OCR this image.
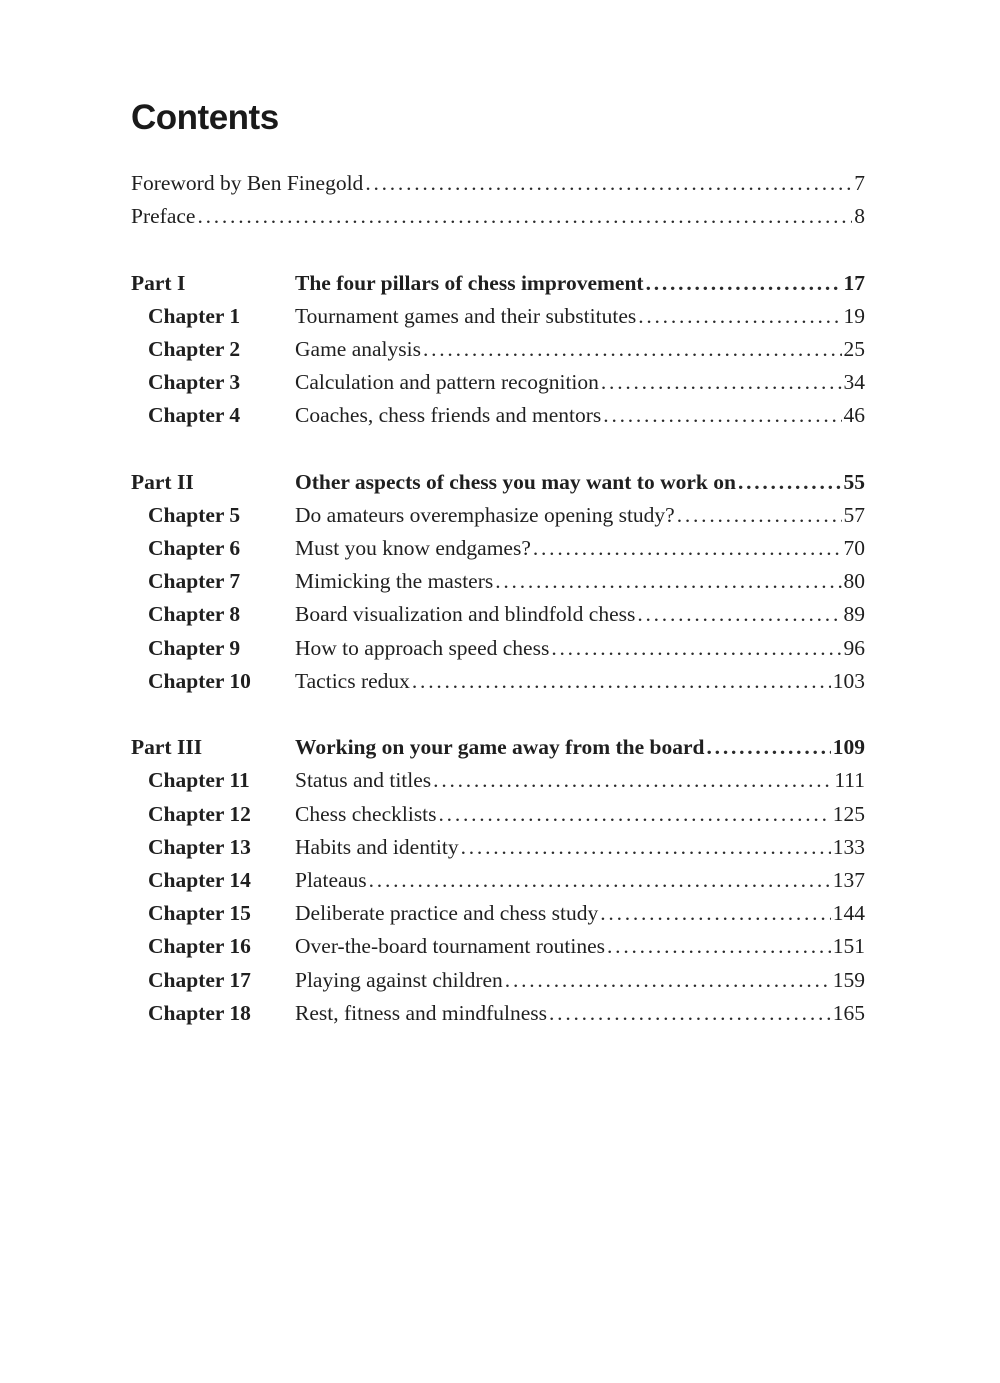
Contents
Foreword by Ben Finegold . . .	7
Preface . . .	8
Part I	The four pillars of chess improvement . . .	17
Chapter 1	Tournament games and their substitutes . . .	19
Chapter 2	Game analysis . . .	25
Chapter 3	Calculation and pattern recognition . . .	34
Chapter 4	Coaches, chess friends and mentors . . .	46
Part II	Other aspects of chess you may want to work on . . .	55
Chapter 5	Do amateurs overemphasize opening study? . . .	57
Chapter 6	Must you know endgames? . . .	70
Chapter 7	Mimicking the masters . . .	80
Chapter 8	Board visualization and blindfold chess . . .	89
Chapter 9	How to approach speed chess . . .	96
Chapter 10	Tactics redux . . .	103
Part III	Working on your game away from the board . . .	109
Chapter 11	Status and titles . . .	111
Chapter 12	Chess checklists . . .	125
Chapter 13	Habits and identity . . .	133
Chapter 14	Plateaus . . .	137
Chapter 15	Deliberate practice and chess study . . .	144
Chapter 16	Over-the-board tournament routines . . .	151
Chapter 17	Playing against children . . .	159
Chapter 18	Rest, fitness and mindfulness . . .	165
